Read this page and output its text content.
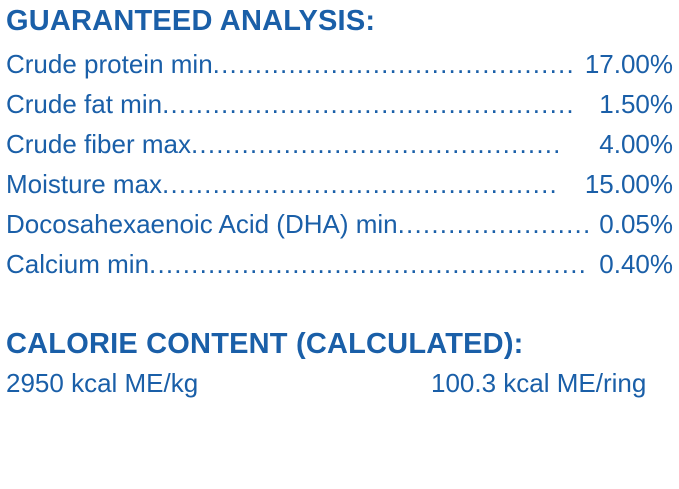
GUARANTEED ANALYSIS:
Crude protein min ........................................... 17.00%
Crude fat min ................................................. 1.50%
Crude fiber max ............................................	4.00%
Moisture max ...............................................	15.00%
Docosahexaenoic Acid (DHA) min ....................... 0.05%
Calcium min .................................................... 0.40%
CALORIE CONTENT (CALCULATED):
2950 kcal ME/kg	100.3 kcal ME/ring
